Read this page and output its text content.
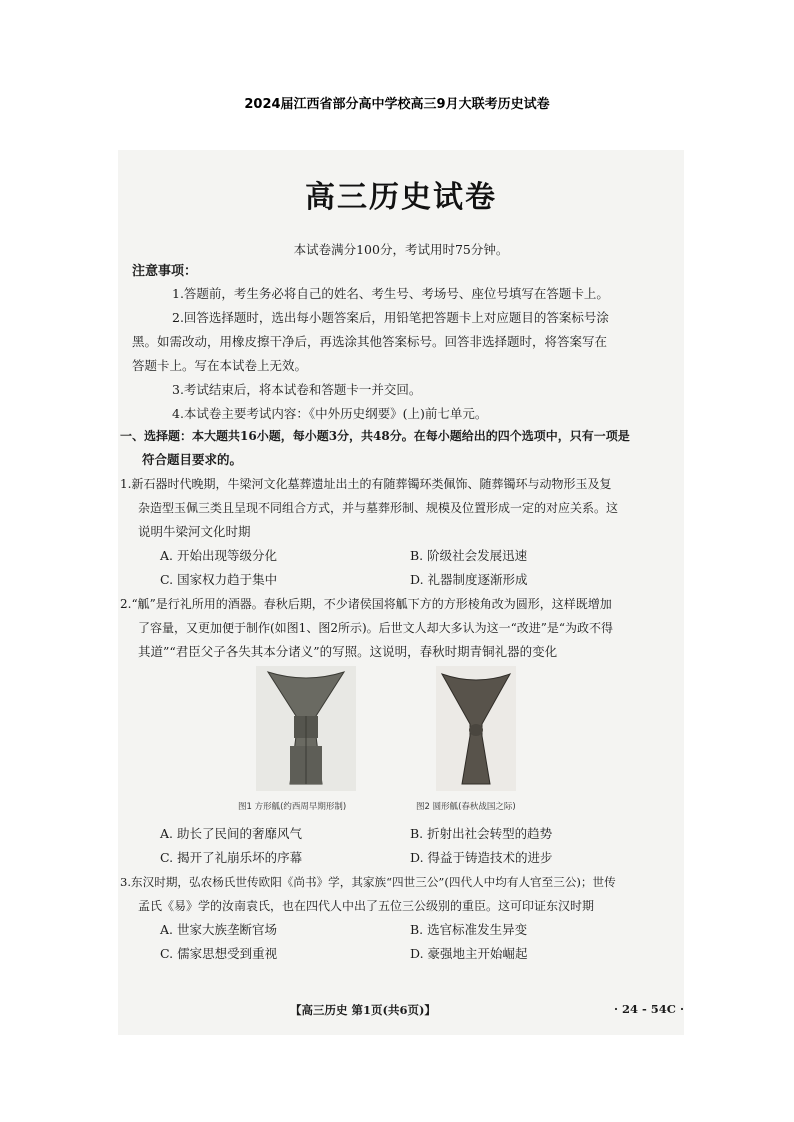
2024届江西省部分高中学校高三9月大联考历史试卷
高三历史试卷
本试卷满分100分，考试用时75分钟。
注意事项：
1.答题前，考生务必将自己的姓名、考生号、考场号、座位号填写在答题卡上。
2.回答选择题时，选出每小题答案后，用铅笔把答题卡上对应题目的答案标号涂
黑。如需改动，用橡皮擦干净后，再选涂其他答案标号。回答非选择题时，将答案写在
答题卡上。写在本试卷上无效。
3.考试结束后，将本试卷和答题卡一并交回。
4.本试卷主要考试内容：《中外历史纲要》(上)前七单元。
一、选择题：本大题共16小题，每小题3分，共48分。在每小题给出的四个选项中，只有一项是
符合题目要求的。
1.新石器时代晚期，牛梁河文化墓葬遗址出土的有随葬镯环类佩饰、随葬镯环与动物形玉及复
杂造型玉佩三类且呈现不同组合方式，并与墓葬形制、规模及位置形成一定的对应关系。这
说明牛梁河文化时期
A. 开始出现等级分化	B. 阶级社会发展迅速
C. 国家权力趋于集中	D. 礼器制度逐渐形成
2.“觚”是行礼所用的酒器。春秋后期，不少诸侯国将觚下方的方形棱角改为圆形，这样既增加
了容量，又更加便于制作(如图1、图2所示)。后世文人却大多认为这一“改进”是“为政不得
其道”“君臣父子各失其本分诸义”的写照。这说明，春秋时期青铜礼器的变化
图1 方形觚(约西周早期形制)	图2 圆形觚(春秋战国之际)
A. 助长了民间的奢靡风气	B. 折射出社会转型的趋势
C. 揭开了礼崩乐坏的序幕	D. 得益于铸造技术的进步
3.东汉时期，弘农杨氏世传欧阳《尚书》学，其家族“四世三公”(四代人中均有人官至三公)；世传
孟氏《易》学的汝南袁氏，也在四代人中出了五位三公级别的重臣。这可印证东汉时期
A. 世家大族垄断官场	B. 选官标准发生异变
C. 儒家思想受到重视	D. 豪强地主开始崛起
【高三历史 第1页(共6页)】	· 24 - 54C ·
